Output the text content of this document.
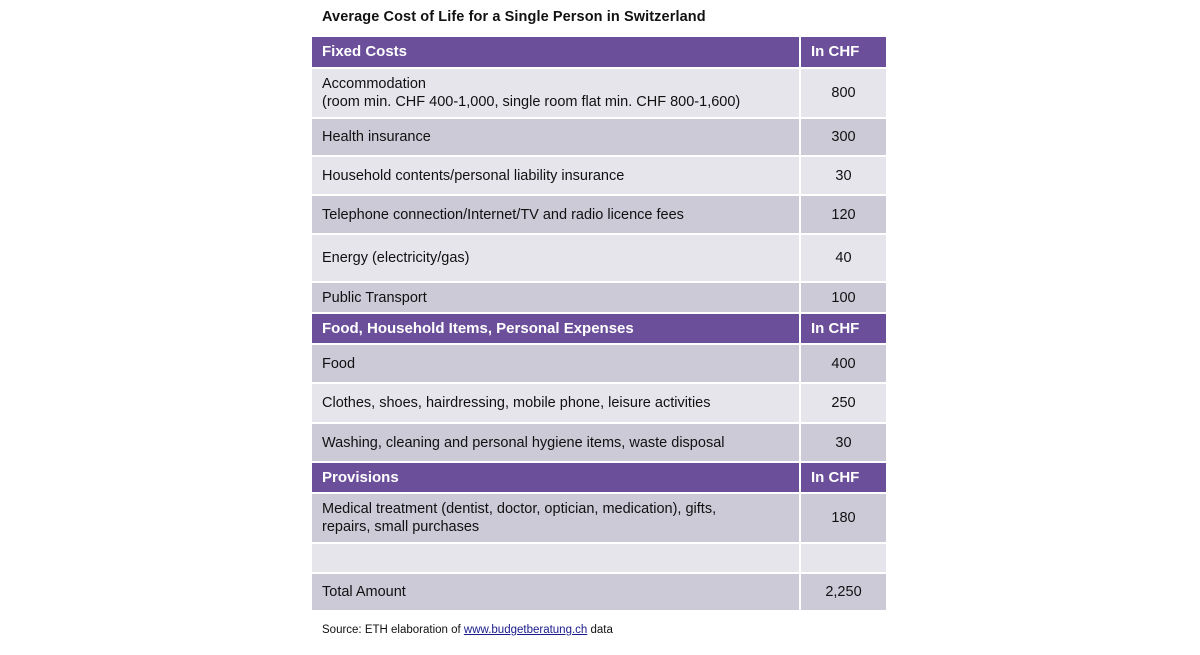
Average Cost of Life for a Single Person in Switzerland
Fixed Costs	In CHF

Accommodation
(room min. CHF 400-1,000, single room flat min. CHF 800-1,600)	800
Health insurance	300
Household contents/personal liability insurance	30
Telephone connection/Internet/TV and radio licence fees	120
Energy (electricity/gas)	40
Public Transport	100
Food, Household Items, Personal Expenses	In CHF
Food	400
Clothes, shoes, hairdressing, mobile phone, leisure activities	250
Washing, cleaning and personal hygiene items, waste disposal	30
Provisions	In CHF

Medical treatment (dentist, doctor, optician, medication), gifts,
repairs, small purchases	180

Total Amount	2,250
Source: ETH elaboration of www.budgetberatung.ch data
